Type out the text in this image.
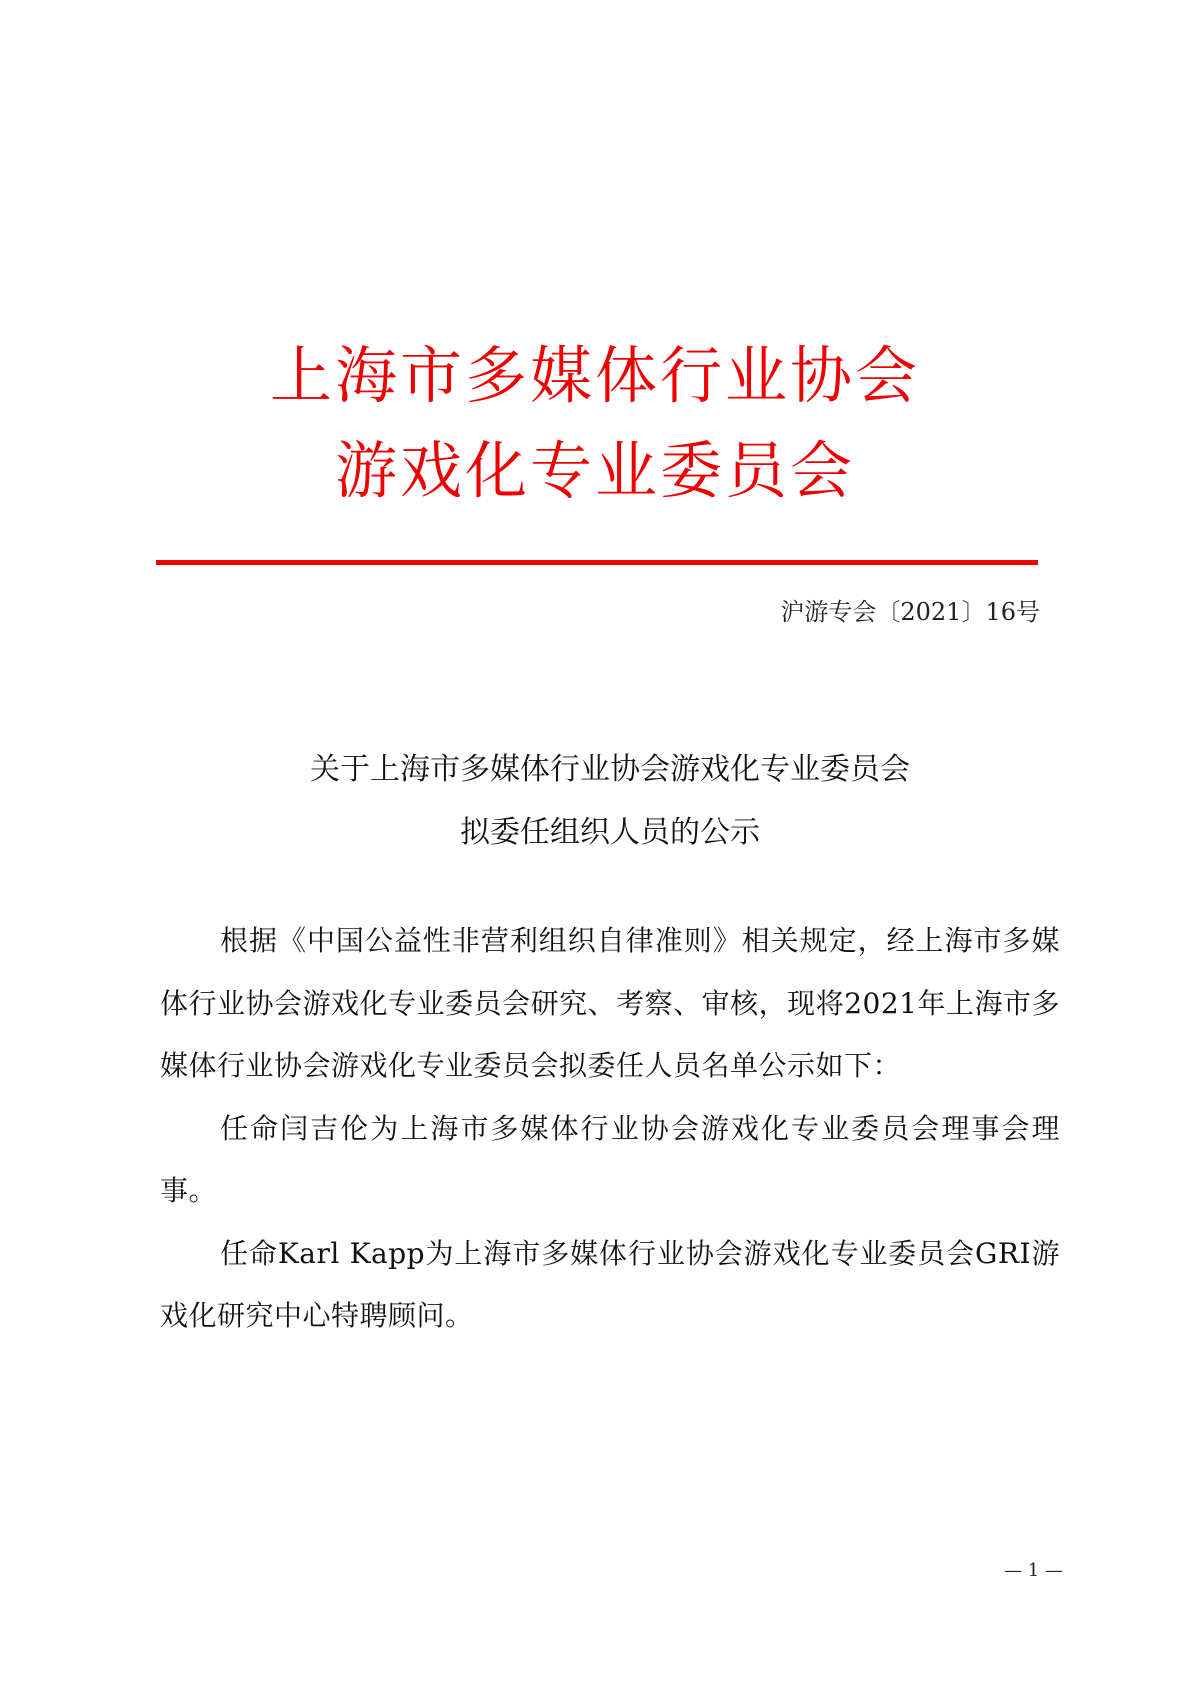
上海市多媒体行业协会
游戏化专业委员会
沪游专会〔2021〕16号
关于上海市多媒体行业协会游戏化专业委员会
拟委任组织人员的公示

根据《中国公益性非营利组织自律准则》相关规定，经上海市多媒体行业协会游戏化专业委员会研究、考察、审核，现将2021年上海市多媒体行业协会游戏化专业委员会拟委任人员名单公示如下：

任命闫吉伦为上海市多媒体行业协会游戏化专业委员会理事会理事。

任命Karl Kapp为上海市多媒体行业协会游戏化专业委员会GRI游戏化研究中心特聘顾问。

— 1 —
